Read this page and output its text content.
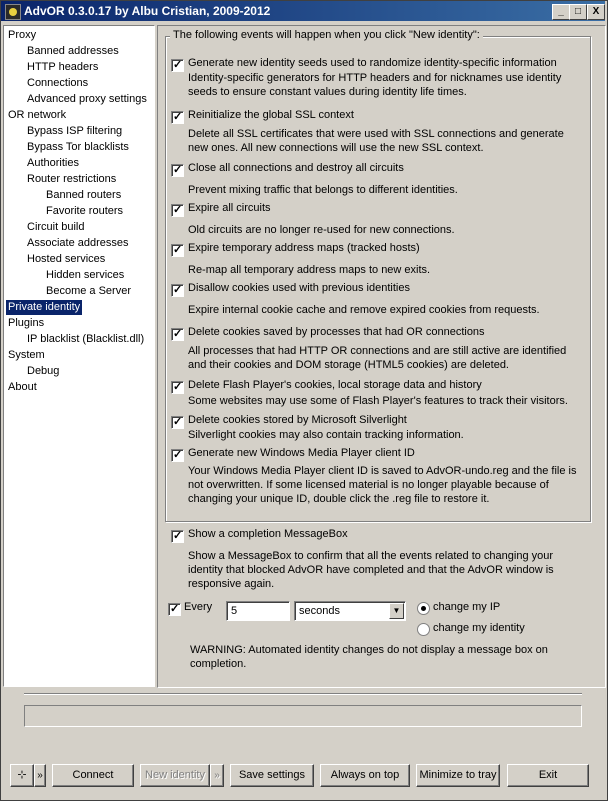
AdvOR 0.3.0.17 by Albu Cristian, 2009-2012	_	□	X
Proxy
Banned addresses
HTTP headers
Connections
Advanced proxy settings
OR network
Bypass ISP filtering
Bypass Tor blacklists
Authorities
Router restrictions
Banned routers
Favorite routers
Circuit build
Associate addresses
Hosted services
Hidden services
Become a Server
Private identity
Plugins
IP blacklist (Blacklist.dll)
System
Debug
About
The following events will happen when you click "New identity":
✓
Generate new identity seeds used to randomize identity-specific information
Identity-specific generators for HTTP headers and for nicknames use identity seeds to ensure constant values during identity life times.
✓
Reinitialize the global SSL context
Delete all SSL certificates that were used with SSL connections and generate new ones. All new connections will use the new SSL context.
✓
Close all connections and destroy all circuits
Prevent mixing traffic that belongs to different identities.
✓
Expire all circuits
Old circuits are no longer re-used for new connections.
✓
Expire temporary address maps (tracked hosts)
Re-map all temporary address maps to new exits.
✓
Disallow cookies used with previous identities
Expire internal cookie cache and remove expired cookies from requests.
✓
Delete cookies saved by processes that had OR connections
All processes that had HTTP OR connections and are still active are identified and their cookies and DOM storage (HTML5 cookies) are deleted.
✓
Delete Flash Player's cookies, local storage data and history
Some websites may use some of Flash Player's features to track their visitors.
✓
Delete cookies stored by Microsoft Silverlight
Silverlight cookies may also contain tracking information.
✓
Generate new Windows Media Player client ID
Your Windows Media Player client ID is saved to AdvOR-undo.reg and the file is not overwritten. If some licensed material is no longer playable because of changing your unique ID, double click the .reg file to restore it.
✓
Show a completion MessageBox
Show a MessageBox to confirm that all the events related to changing your identity that blocked AdvOR have completed and that the AdvOR window is responsive again.
✓
Every	5	seconds	▼	change my IP
change my identity
WARNING: Automated identity changes do not display a message box on completion.
⊹	»	Connect	New identity »	Save settings	Always on top	Minimize to tray	Exit
